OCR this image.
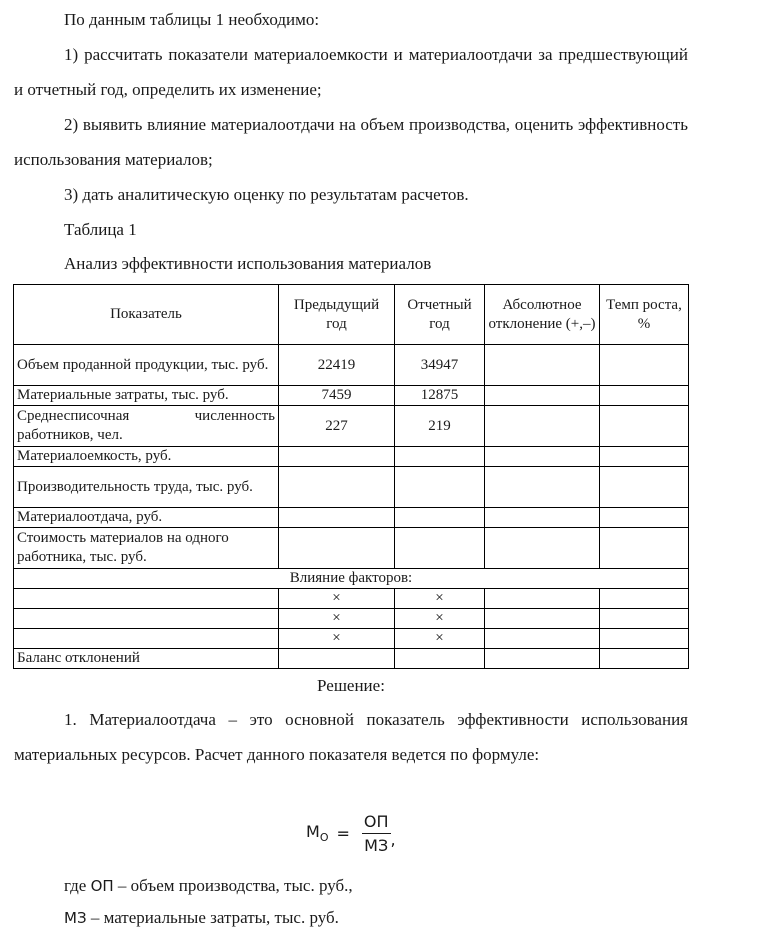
По данным таблицы 1 необходимо:

1) рассчитать показатели материалоемкости и материалоотдачи за предшествующий и отчетный год, определить их изменение;

2) выявить влияние материалоотдачи на объем производства, оценить эффективность использования материалов;

3) дать аналитическую оценку по результатам расчетов.

Таблица 1

Анализ эффективности использования материалов

Показатель	Предыдущий год	Отчетный год	Абсолютное отклонение (+,–)	Темп роста, %
Объем проданной продукции, тыс. руб.	22419	34947		
Материальные затраты, тыс. руб.	7459	12875		
Среднесписочная численность работников, чел.	227	219		
Материалоемкость, руб.				
Производительность труда, тыс. руб.				
Материалоотдача, руб.				
Стоимость материалов на одного работника, тыс. руб.				
Влияние факторов:				
	×	×		
	×	×		
	×	×		
Баланс отклонений				

Решение:

1. Материалоотдача – это основной показатель эффективности использования материальных ресурсов. Расчет данного показателя ведется по формуле:

$М_О = \frac{ОП}{МЗ}$ ,

где ОП – объем производства, тыс. руб.,

МЗ – материальные затраты, тыс. руб.
